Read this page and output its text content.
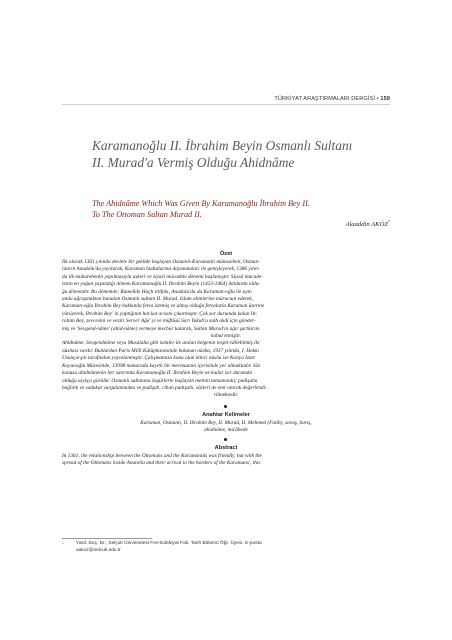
TÜRKİYAT ARAŞTIRMALARI DERGİSİ • 159
Karamanoğlu II. İbrahim Beyin Osmanlı Sultanı
II. Murad'a Vermiş Olduğu Ahidnâme
The Ahidnâme Which Was Given By Karamanoğlu İbrahim Bey II.
To The Ottoman Sultan Murad II.
Alaaddin AKÖZ*
Özet
İlk olarak 1361 yılında devlete bir şekilde başlayan Osmanlı-Karamanlı münasebeti, Osman-
lıların Anadolu'da yayılarak, Karaman hudutlarına dayanmaları ile genişleyerek, 1386 yılın-
da ilk muharebenin yapılmasıyla askerî ve siyasî mücadele dönemi başlamıştır. Siyasî mücade-
lenin en yoğun yaşandığı dönem Karamanoğlu II. İbrahim Beyin (1423-1464) iktidarda oldu-
ğu dönemdir. Bu dönemde; Rumelide Haçlı ittifakı, Anadolu'da da Karaman-oğlu ile aynı
anda uğraşmaktan bunalan Osmanlı sultanı II. Murad, İslam alimlerine müracaat ederek,
Karaman-oğlu İbrahim Bey hakkında fetva istemiş ve almış olduğu fetvalarla Karaman üzerine
yürüyerek, İbrahim Bey' in yaptığının hat kat acısını çıkarmıştır. Çok zor durumda kalan İb-
rahim Bey, zevcesini ve veziri Server Ağa' yı ve müftüsü Sarı Yakub'u sulh akdi için gönder-
miş ve 'Sevgend-nâme' (ahid-nâme) vermeye mecbur kalarak, Sultan Murad'ın ağır şartlarını
kabul etmiştir.
Ahidnâme. Sevgendnâme veya Musâlaha gibi isimler ile anılan belgenin tespit edilebilmiş iki
nüshası vardır. Bunlardan Paris Millî Kütüphanesinde bulunan nüsha, 1937 yılında, İ. Hakkı
Uzunçarşılı tarafından yayınlanmıştır. Çalışmamıza konu olan ikinci nüsha ise Konya İzzet
Koyunoğlu Müzesinde, 13998 numarada kayıtlı bir mecmuanın içerisinde yer almaktadır. Söz
konusu ahidnâmenin her satırında Karamanoğlu II. İbrahim Beyin ne kadar zor durumda
olduğu açıkça görülür. Osmanlı sultanına özgürlerle başlayan metnin tamamında; padişaha
bağlılık ve sadakat vurgulanmakta ve padişah, cihan padişahı, sözleri de emr olarak değerlendi-
rilmektedir.
Anahtar Kelimeler
Karaman, Osmanlı, II. İbrahim Bey, II. Murad, II. Mehmed (Fatih), savaş, barış,
ahidnâme, mu'âhede
Abstract
In 1361, the relationship between the Ottomans and the Karamanids was friendly, but with the
spread of the Ottomans inside Anatolia and their arrival to the borders of the Karamans', this
*	Yard. Doç. Dr., Selçuk Üniversitesi Fen-Edebiyat Fak. Tarih Bölümü Öğr. Üyesi. E-posta
aakoz@selcuk.edu.tr
